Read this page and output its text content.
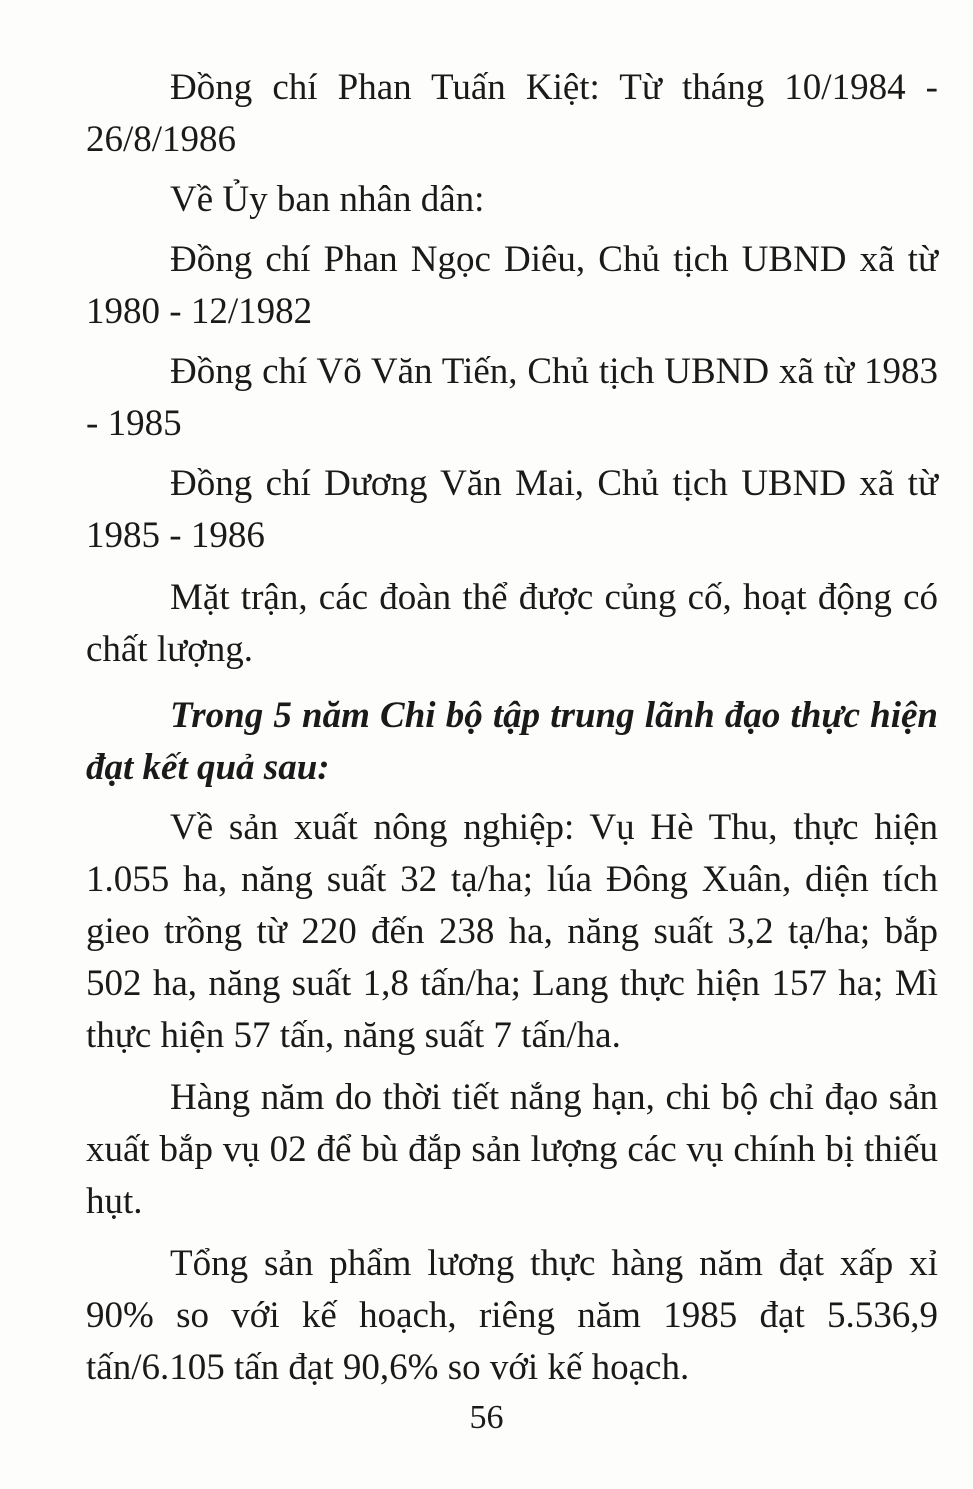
Đồng chí Phan Tuấn Kiệt: Từ tháng 10/1984 - 26/8/1986

Về Ủy ban nhân dân:

Đồng chí Phan Ngọc Diêu, Chủ tịch UBND xã từ 1980 - 12/1982

Đồng chí Võ Văn Tiến, Chủ tịch UBND xã từ 1983 - 1985

Đồng chí Dương Văn Mai, Chủ tịch UBND xã từ 1985 - 1986

Mặt trận, các đoàn thể được củng cố, hoạt động có chất lượng.

Trong 5 năm Chi bộ tập trung lãnh đạo thực hiện đạt kết quả sau:

Về sản xuất nông nghiệp: Vụ Hè Thu, thực hiện 1.055 ha, năng suất 32 tạ/ha; lúa Đông Xuân, diện tích gieo trồng từ 220 đến 238 ha, năng suất 3,2 tạ/ha; bắp 502 ha, năng suất 1,8 tấn/ha; Lang thực hiện 157 ha; Mì thực hiện 57 tấn, năng suất 7 tấn/ha.

Hàng năm do thời tiết nắng hạn, chi bộ chỉ đạo sản xuất bắp vụ 02 để bù đắp sản lượng các vụ chính bị thiếu hụt.

Tổng sản phẩm lương thực hàng năm đạt xấp xỉ 90% so với kế hoạch, riêng năm 1985 đạt 5.536,9 tấn/6.105 tấn đạt 90,6% so với kế hoạch.

56
